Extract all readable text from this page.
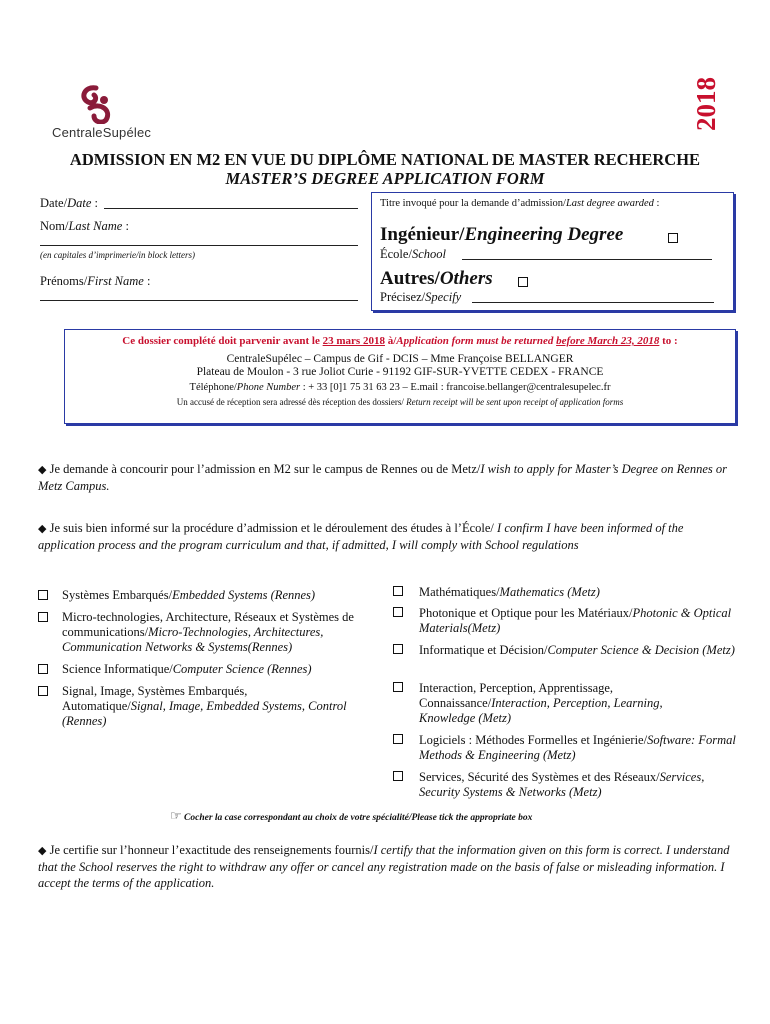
2018
CentraleSupélec
ADMISSION EN M2 EN VUE DU DIPLÔME NATIONAL DE MASTER RECHERCHE
MASTER’S DEGREE APPLICATION FORM
Date/Date :
Nom/Last Name :
(en capitales d’imprimerie/in block letters)
Prénoms/First Name :
Titre invoqué pour la demande d’admission/Last degree awarded :
Ingénieur/Engineering Degree
École/School
Autres/Others
Précisez/Specify
Ce dossier complété doit parvenir avant le 23 mars 2018 à/Application form must be returned before March 23, 2018 to :
CentraleSupélec – Campus de Gif - DCIS – Mme Françoise BELLANGER
Plateau de Moulon - 3 rue Joliot Curie - 91192 GIF-SUR-YVETTE CEDEX - FRANCE
Téléphone/Phone Number : + 33 [0]1 75 31 63 23 – E.mail : francoise.bellanger@centralesupelec.fr
Un accusé de réception sera adressé dès réception des dossiers/ Return receipt will be sent upon receipt of application forms
◆ Je demande à concourir pour l’admission en M2 sur le campus de Rennes ou de Metz/I wish to apply for Master’s Degree on Rennes or Metz Campus.
◆ Je suis bien informé sur la procédure d’admission et le déroulement des études à l’École/ I confirm I have been informed of the application process and the program curriculum and that, if admitted, I will comply with School regulations
Systèmes Embarqués/Embedded Systems (Rennes)
Micro-technologies, Architecture, Réseaux et Systèmes de communications/Micro-Technologies, Architectures, Communication Networks & Systems(Rennes)
Science Informatique/Computer Science (Rennes)
Signal, Image, Systèmes Embarqués, Automatique/Signal, Image, Embedded Systems, Control (Rennes)
Mathématiques/Mathematics (Metz)
Photonique et Optique pour les Matériaux/Photonic & Optical Materials(Metz)
Informatique et Décision/Computer Science & Decision (Metz)
Interaction, Perception, Apprentissage, Connaissance/Interaction, Perception, Learning, Knowledge (Metz)
Logiciels : Méthodes Formelles et Ingénierie/Software: Formal Methods & Engineering (Metz)
Services, Sécurité des Systèmes et des Réseaux/Services, Security Systems & Networks (Metz)
☞ Cocher la case correspondant au choix de votre spécialité/Please tick the appropriate box
◆ Je certifie sur l’honneur l’exactitude des renseignements fournis/I certify that the information given on this form is correct. I understand that the School reserves the right to withdraw any offer or cancel any registration made on the basis of false or misleading information. I accept the terms of the application.
